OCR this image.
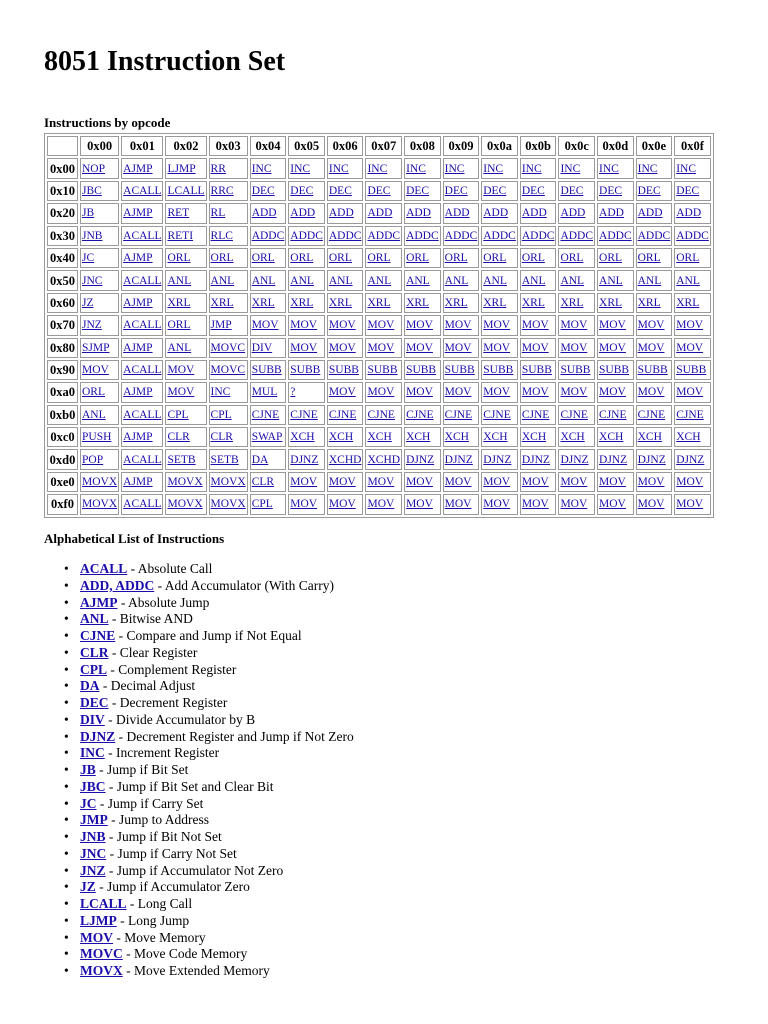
8051 Instruction Set

Instructions by opcode

	0x00	0x01	0x02	0x03	0x04	0x05	0x06	0x07	0x08	0x09	0x0a	0x0b	0x0c	0x0d	0x0e	0x0f
0x00	NOP	AJMP	LJMP	RR	INC	INC	INC	INC	INC	INC	INC	INC	INC	INC	INC	INC
0x10	JBC	ACALL	LCALL	RRC	DEC	DEC	DEC	DEC	DEC	DEC	DEC	DEC	DEC	DEC	DEC	DEC
0x20	JB	AJMP	RET	RL	ADD	ADD	ADD	ADD	ADD	ADD	ADD	ADD	ADD	ADD	ADD	ADD
0x30	JNB	ACALL	RETI	RLC	ADDC	ADDC	ADDC	ADDC	ADDC	ADDC	ADDC	ADDC	ADDC	ADDC	ADDC	ADDC
0x40	JC	AJMP	ORL	ORL	ORL	ORL	ORL	ORL	ORL	ORL	ORL	ORL	ORL	ORL	ORL	ORL
0x50	JNC	ACALL	ANL	ANL	ANL	ANL	ANL	ANL	ANL	ANL	ANL	ANL	ANL	ANL	ANL	ANL
0x60	JZ	AJMP	XRL	XRL	XRL	XRL	XRL	XRL	XRL	XRL	XRL	XRL	XRL	XRL	XRL	XRL
0x70	JNZ	ACALL	ORL	JMP	MOV	MOV	MOV	MOV	MOV	MOV	MOV	MOV	MOV	MOV	MOV	MOV
0x80	SJMP	AJMP	ANL	MOVC	DIV	MOV	MOV	MOV	MOV	MOV	MOV	MOV	MOV	MOV	MOV	MOV
0x90	MOV	ACALL	MOV	MOVC	SUBB	SUBB	SUBB	SUBB	SUBB	SUBB	SUBB	SUBB	SUBB	SUBB	SUBB	SUBB
0xa0	ORL	AJMP	MOV	INC	MUL	?	MOV	MOV	MOV	MOV	MOV	MOV	MOV	MOV	MOV	MOV
0xb0	ANL	ACALL	CPL	CPL	CJNE	CJNE	CJNE	CJNE	CJNE	CJNE	CJNE	CJNE	CJNE	CJNE	CJNE	CJNE
0xc0	PUSH	AJMP	CLR	CLR	SWAP	XCH	XCH	XCH	XCH	XCH	XCH	XCH	XCH	XCH	XCH	XCH
0xd0	POP	ACALL	SETB	SETB	DA	DJNZ	XCHD	XCHD	DJNZ	DJNZ	DJNZ	DJNZ	DJNZ	DJNZ	DJNZ	DJNZ
0xe0	MOVX	AJMP	MOVX	MOVX	CLR	MOV	MOV	MOV	MOV	MOV	MOV	MOV	MOV	MOV	MOV	MOV
0xf0	MOVX	ACALL	MOVX	MOVX	CPL	MOV	MOV	MOV	MOV	MOV	MOV	MOV	MOV	MOV	MOV	MOV

Alphabetical List of Instructions

• ACALL - Absolute Call
• ADD, ADDC - Add Accumulator (With Carry)
• AJMP - Absolute Jump
• ANL - Bitwise AND
• CJNE - Compare and Jump if Not Equal
• CLR - Clear Register
• CPL - Complement Register
• DA - Decimal Adjust
• DEC - Decrement Register
• DIV - Divide Accumulator by B
• DJNZ - Decrement Register and Jump if Not Zero
• INC - Increment Register
• JB - Jump if Bit Set
• JBC - Jump if Bit Set and Clear Bit
• JC - Jump if Carry Set
• JMP - Jump to Address
• JNB - Jump if Bit Not Set
• JNC - Jump if Carry Not Set
• JNZ - Jump if Accumulator Not Zero
• JZ - Jump if Accumulator Zero
• LCALL - Long Call
• LJMP - Long Jump
• MOV - Move Memory
• MOVC - Move Code Memory
• MOVX - Move Extended Memory
